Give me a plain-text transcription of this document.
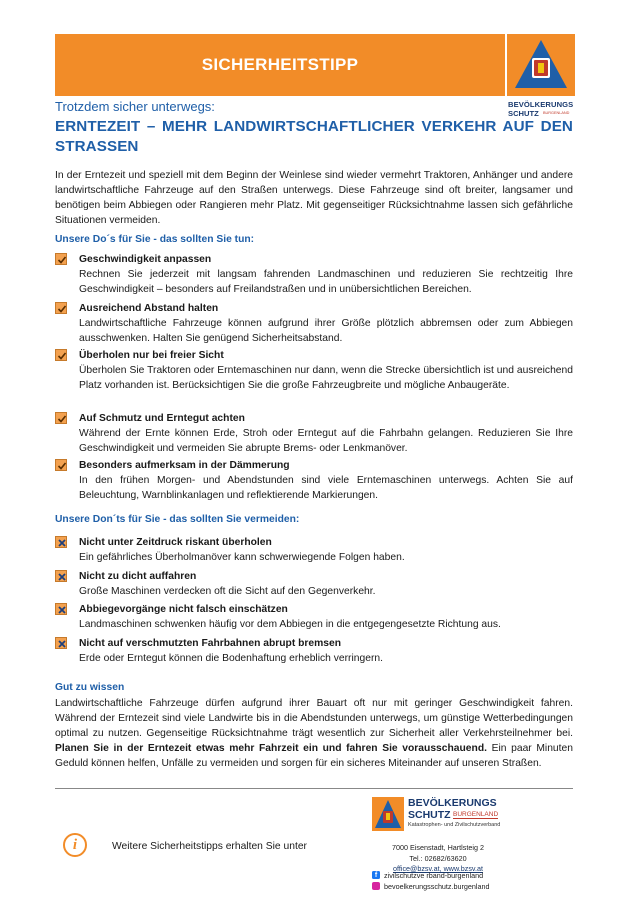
SICHERHEITSTIPP
BEVÖLKERUNGS
SCHUTZ BURGENLAND
Trotzdem sicher unterwegs:
ERNTEZEIT – MEHR LANDWIRTSCHAFTLICHER VERKEHR AUF DEN STRASSEN
In der Erntezeit und speziell mit dem Beginn der Weinlese sind wieder vermehrt Traktoren, Anhänger und andere landwirtschaftliche Fahrzeuge auf den Straßen unterwegs. Diese Fahrzeuge sind oft breiter, langsamer und benötigen beim Abbiegen oder Rangieren mehr Platz. Mit gegenseitiger Rücksichtnahme lassen sich gefährliche Situationen vermeiden.
Unsere Do´s für Sie - das sollten Sie tun:
Geschwindigkeit anpassen
Rechnen Sie jederzeit mit langsam fahrenden Landmaschinen und reduzieren Sie rechtzeitig Ihre Geschwindigkeit – besonders auf Freilandstraßen und in unübersichtlichen Bereichen.
Ausreichend Abstand halten
Landwirtschaftliche Fahrzeuge können aufgrund ihrer Größe plötzlich abbremsen oder zum Abbiegen ausschwenken. Halten Sie genügend Sicherheitsabstand.
Überholen nur bei freier Sicht
Überholen Sie Traktoren oder Erntemaschinen nur dann, wenn die Strecke übersichtlich ist und ausreichend Platz vorhanden ist. Berücksichtigen Sie die große Fahrzeugbreite und mögliche Anbaugeräte.
Auf Schmutz und Erntegut achten
Während der Ernte können Erde, Stroh oder Erntegut auf die Fahrbahn gelangen. Reduzieren Sie Ihre Geschwindigkeit und vermeiden Sie abrupte Brems- oder Lenkmanöver.
Besonders aufmerksam in der Dämmerung
In den frühen Morgen- und Abendstunden sind viele Erntemaschinen unterwegs. Achten Sie auf Beleuchtung, Warnblinkanlagen und reflektierende Markierungen.
Unsere Don´ts für Sie - das sollten Sie vermeiden:
Nicht unter Zeitdruck riskant überholen
Ein gefährliches Überholmanöver kann schwerwiegende Folgen haben.
Nicht zu dicht auffahren
Große Maschinen verdecken oft die Sicht auf den Gegenverkehr.
Abbiegevorgänge nicht falsch einschätzen
Landmaschinen schwenken häufig vor dem Abbiegen in die entgegengesetzte Richtung aus.
Nicht auf verschmutzten Fahrbahnen abrupt bremsen
Erde oder Erntegut können die Bodenhaftung erheblich verringern.
Gut zu wissen
Landwirtschaftliche Fahrzeuge dürfen aufgrund ihrer Bauart oft nur mit geringer Geschwindigkeit fahren. Während der Erntezeit sind viele Landwirte bis in die Abendstunden unterwegs, um günstige Wetterbedingungen optimal zu nutzen. Gegenseitige Rücksichtnahme trägt wesentlich zur Sicherheit aller Verkehrsteilnehmer bei. Planen Sie in der Erntezeit etwas mehr Fahrzeit ein und fahren Sie vorausschauend. Ein paar Minuten Geduld können helfen, Unfälle zu vermeiden und sorgen für ein sicheres Miteinander auf unseren Straßen.
i	Weitere Sicherheitstipps erhalten Sie unter
BEVÖLKERUNGS
SCHUTZ BURGENLAND
Katastrophen- und Zivilschutzverband
7000 Eisenstadt, Hartlsteig 2
Tel.: 02682/63620
office@bzsv.at, www.bzsv.at
f zivilschutzve rband-burgenland
bevoelkerungsschutz.burgenland
